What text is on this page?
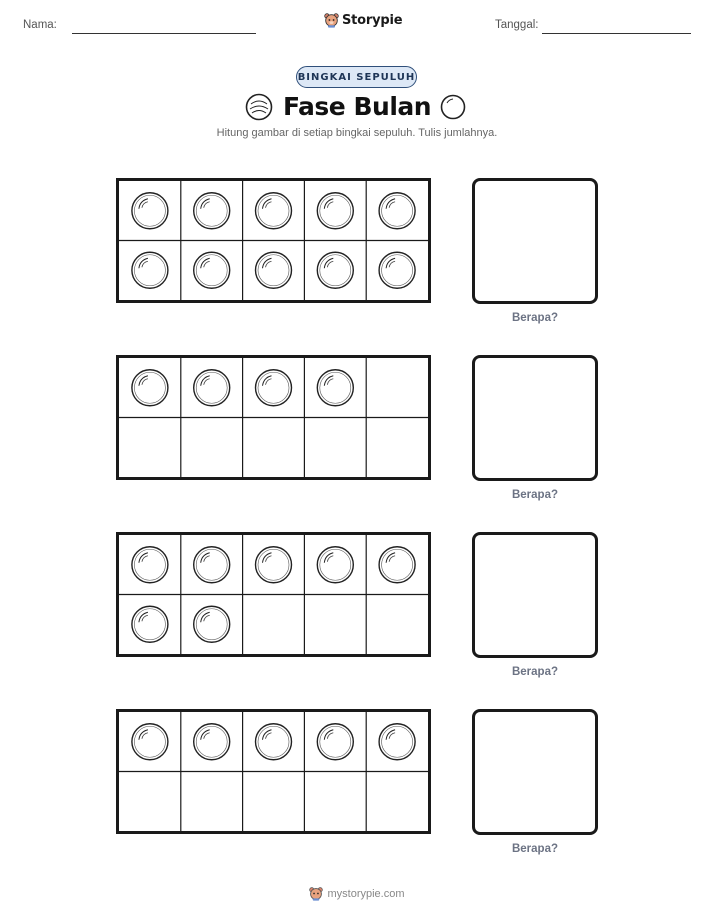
Nama:	Storypie	Tanggal:
BINGKAI SEPULUH
Fase Bulan
Hitung gambar di setiap bingkai sepuluh. Tulis jumlahnya.
Berapa?
Berapa?
Berapa?
Berapa?
mystorypie.com
